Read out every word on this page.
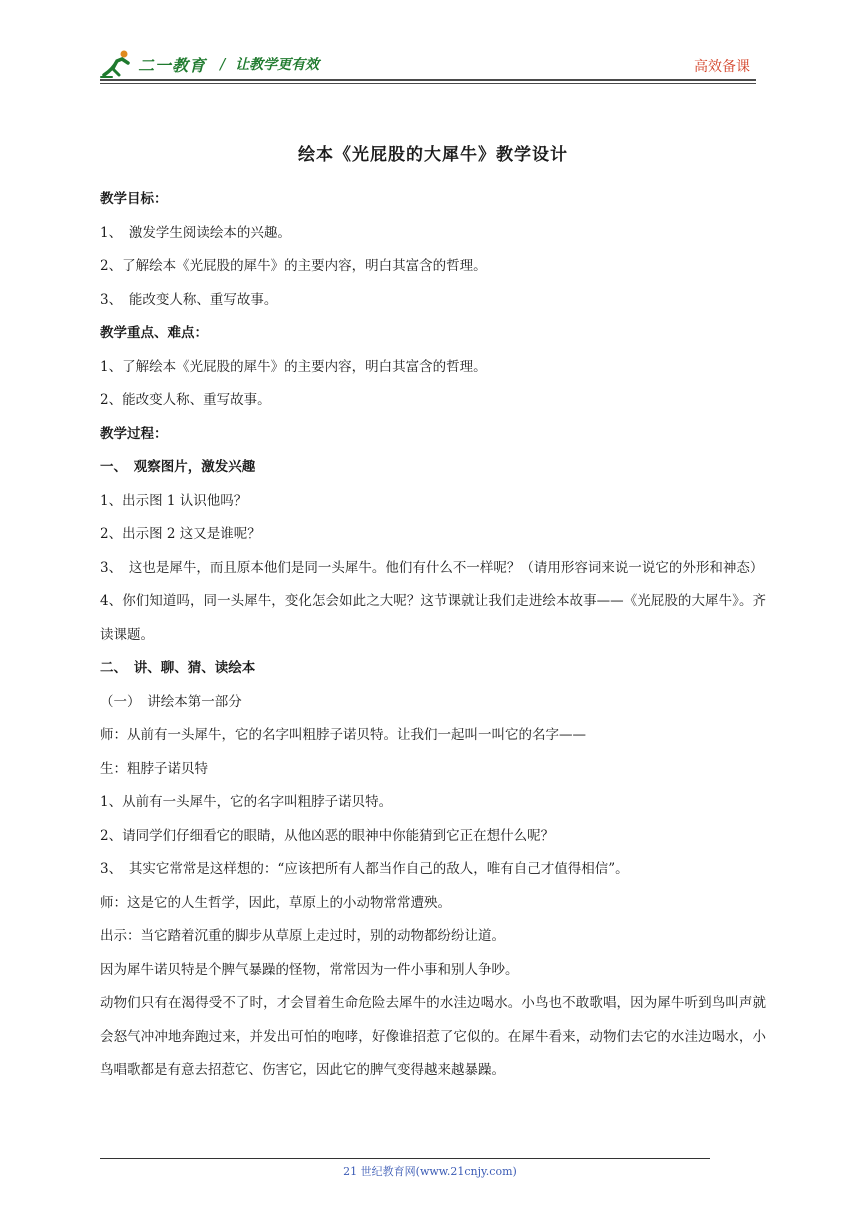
二一教育 / 让教学更有效	高效备课
绘本《光屁股的大犀牛》教学设计

教学目标：

1、　激发学生阅读绘本的兴趣。

2、了解绘本《光屁股的犀牛》的主要内容，明白其富含的哲理。

3、　能改变人称、重写故事。

教学重点、难点：

1、了解绘本《光屁股的犀牛》的主要内容，明白其富含的哲理。

2、能改变人称、重写故事。

教学过程：

一、　观察图片，激发兴趣

1、出示图 1 认识他吗？

2、出示图 2 这又是谁呢？

3、　这也是犀牛，而且原本他们是同一头犀牛。他们有什么不一样呢？（请用形容词来说一说它的外形和神态）

4、你们知道吗，同一头犀牛，变化怎会如此之大呢？这节课就让我们走进绘本故事——《光屁股的大犀牛》。齐读课题。

二、　讲、聊、猜、读绘本

（一）　讲绘本第一部分

师：从前有一头犀牛，它的名字叫粗脖子诺贝特。让我们一起叫一叫它的名字——

生：粗脖子诺贝特

1、从前有一头犀牛，它的名字叫粗脖子诺贝特。

2、请同学们仔细看它的眼睛，从他凶恶的眼神中你能猜到它正在想什么呢？

3、　其实它常常是这样想的：“应该把所有人都当作自己的敌人，唯有自己才值得相信”。

师：这是它的人生哲学，因此，草原上的小动物常常遭殃。

出示：当它踏着沉重的脚步从草原上走过时，别的动物都纷纷让道。

因为犀牛诺贝特是个脾气暴躁的怪物，常常因为一件小事和别人争吵。

动物们只有在渴得受不了时，才会冒着生命危险去犀牛的水洼边喝水。小鸟也不敢歌唱，因为犀牛听到鸟叫声就会怒气冲冲地奔跑过来，并发出可怕的咆哮，好像谁招惹了它似的。在犀牛看来，动物们去它的水洼边喝水，小鸟唱歌都是有意去招惹它、伤害它，因此它的脾气变得越来越暴躁。

21 世纪教育网(www.21cnjy.com)
